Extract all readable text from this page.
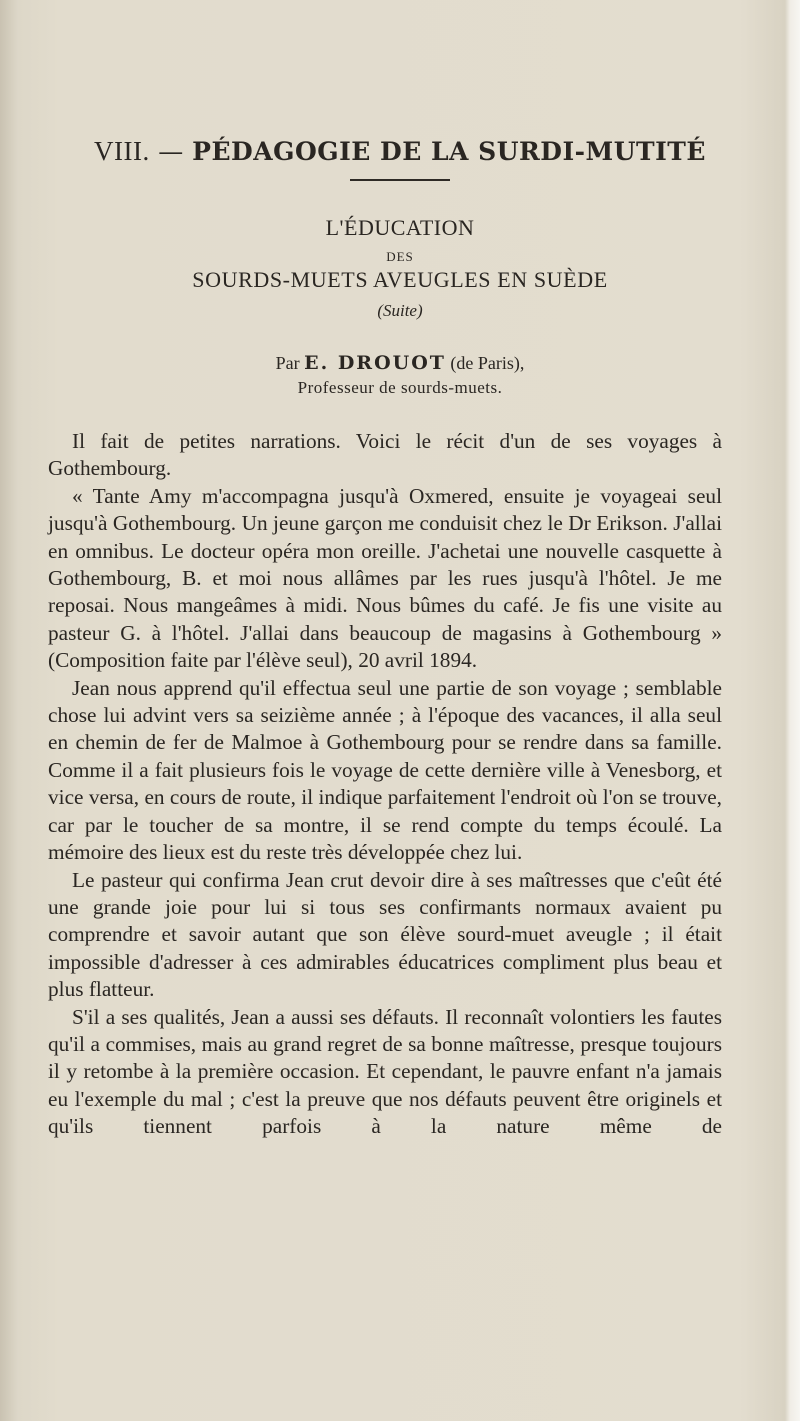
VIII. — PÉDAGOGIE DE LA SURDI-MUTITÉ
L'ÉDUCATION
DES
SOURDS-MUETS AVEUGLES EN SUÈDE
(Suite)
Par E. DROUOT (de Paris),
Professeur de sourds-muets.

Il fait de petites narrations. Voici le récit d'un de ses voyages à Gothembourg.

« Tante Amy m'accompagna jusqu'à Oxmered, ensuite je voyageai seul jusqu'à Gothembourg. Un jeune garçon me conduisit chez le Dr Erikson. J'allai en omnibus. Le docteur opéra mon oreille. J'achetai une nouvelle casquette à Gothembourg, B. et moi nous allâmes par les rues jusqu'à l'hôtel. Je me reposai. Nous mangeâmes à midi. Nous bûmes du café. Je fis une visite au pasteur G. à l'hôtel. J'allai dans beaucoup de magasins à Gothembourg » (Composition faite par l'élève seul), 20 avril 1894.

Jean nous apprend qu'il effectua seul une partie de son voyage ; semblable chose lui advint vers sa seizième année ; à l'époque des vacances, il alla seul en chemin de fer de Malmoe à Gothembourg pour se rendre dans sa famille. Comme il a fait plusieurs fois le voyage de cette dernière ville à Venesborg, et vice versa, en cours de route, il indique parfaitement l'endroit où l'on se trouve, car par le toucher de sa montre, il se rend compte du temps écoulé. La mémoire des lieux est du reste très développée chez lui.

Le pasteur qui confirma Jean crut devoir dire à ses maîtresses que c'eût été une grande joie pour lui si tous ses confirmants normaux avaient pu comprendre et savoir autant que son élève sourd-muet aveugle ; il était impossible d'adresser à ces admirables éducatrices compliment plus beau et plus flatteur.

S'il a ses qualités, Jean a aussi ses défauts. Il reconnaît volontiers les fautes qu'il a commises, mais au grand regret de sa bonne maîtresse, presque toujours il y retombe à la première occasion. Et cependant, le pauvre enfant n'a jamais eu l'exemple du mal ; c'est la preuve que nos défauts peuvent être originels et qu'ils tiennent parfois à la nature même de
